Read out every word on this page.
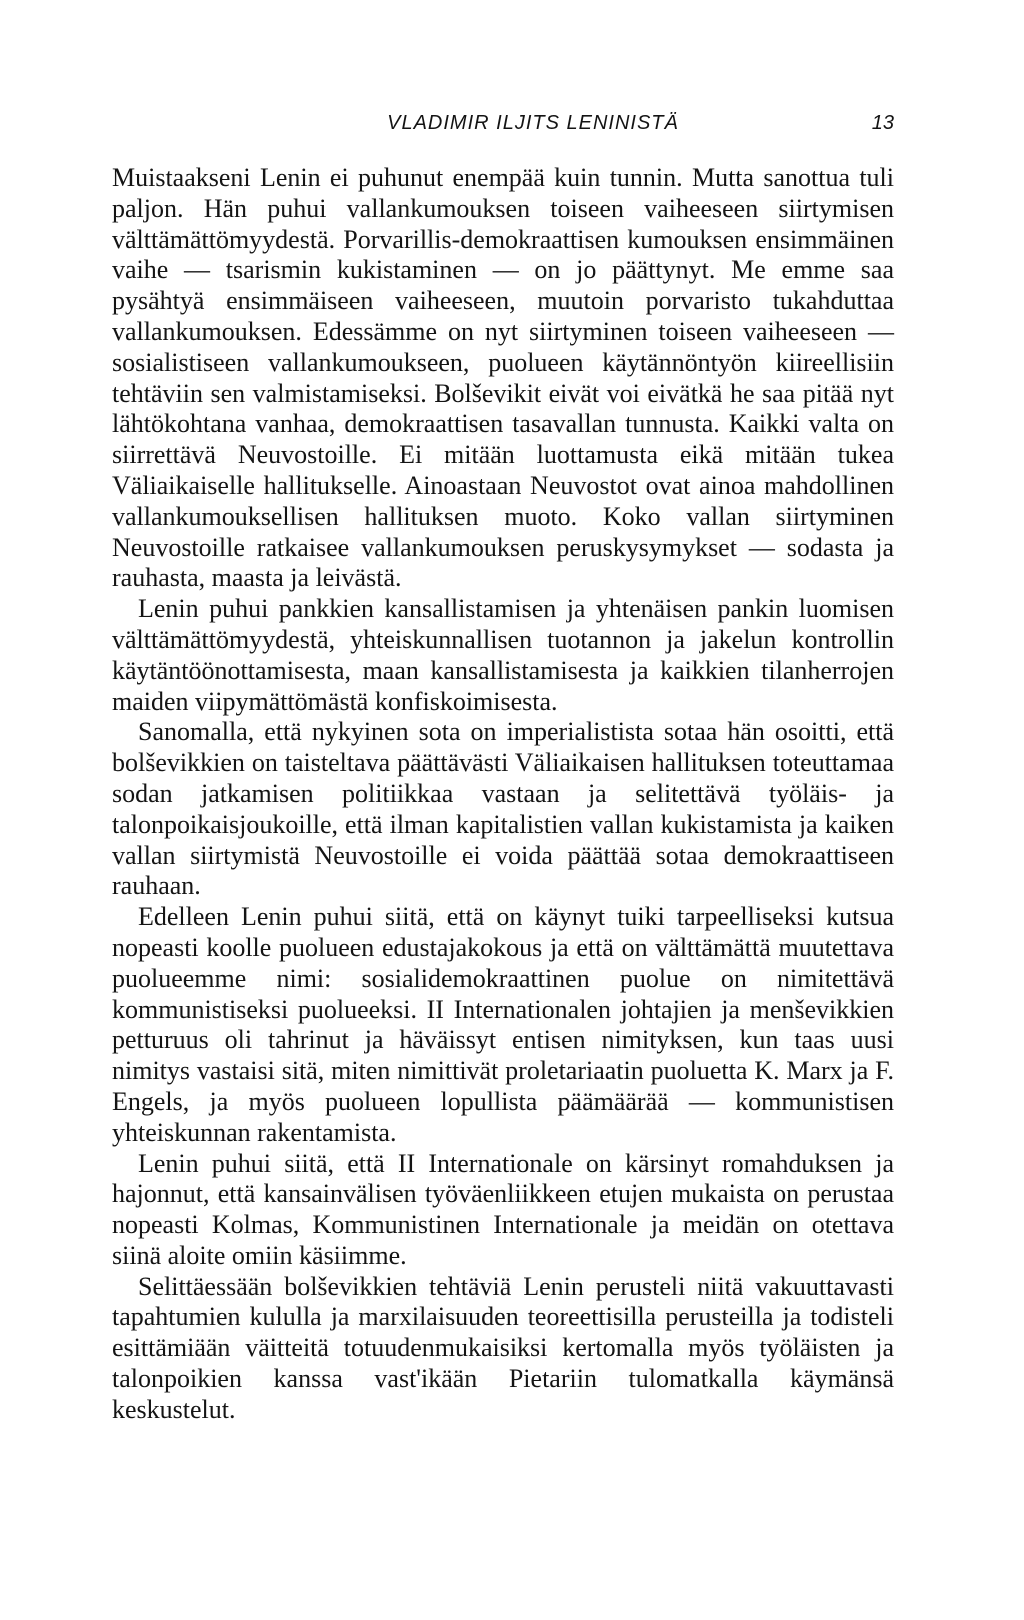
VLADIMIR ILJITS LENINISTÄ	13

Muistaakseni Lenin ei puhunut enempää kuin tunnin. Mutta sanottua tuli paljon. Hän puhui vallankumouksen toiseen vaiheeseen siirtymisen välttämättömyydestä. Porvarillis-demokraattisen kumouksen ensimmäinen vaihe — tsarismin kukistaminen — on jo päättynyt. Me emme saa pysähtyä ensimmäiseen vaiheeseen, muutoin porvaristo tukahduttaa vallankumouksen. Edessämme on nyt siirtyminen toiseen vaiheeseen — sosialistiseen vallankumoukseen, puolueen käytännöntyön kiireellisiin tehtäviin sen valmistamiseksi. Bolševikit eivät voi eivätkä he saa pitää nyt lähtökohtana vanhaa, demokraattisen tasavallan tunnusta. Kaikki valta on siirrettävä Neuvostoille. Ei mitään luottamusta eikä mitään tukea Väliaikaiselle hallitukselle. Ainoastaan Neuvostot ovat ainoa mahdollinen vallankumouksellisen hallituksen muoto. Koko vallan siirtyminen Neuvostoille ratkaisee vallankumouksen peruskysymykset — sodasta ja rauhasta, maasta ja leivästä.

Lenin puhui pankkien kansallistamisen ja yhtenäisen pankin luomisen välttämättömyydestä, yhteiskunnallisen tuotannon ja jakelun kontrollin käytäntöönottamisesta, maan kansallistamisesta ja kaikkien tilanherrojen maiden viipymättömästä konfiskoimisesta.

Sanomalla, että nykyinen sota on imperialistista sotaa hän osoitti, että bolševikkien on taisteltava päättävästi Väliaikaisen hallituksen toteuttamaa sodan jatkamisen politiikkaa vastaan ja selitettävä työläis- ja talonpoikaisjoukoille, että ilman kapitalistien vallan kukistamista ja kaiken vallan siirtymistä Neuvostoille ei voida päättää sotaa demokraattiseen rauhaan.

Edelleen Lenin puhui siitä, että on käynyt tuiki tarpeelliseksi kutsua nopeasti koolle puolueen edustajakokous ja että on välttämättä muutettava puolueemme nimi: sosialidemokraattinen puolue on nimitettävä kommunistiseksi puolueeksi. II Internationalen johtajien ja menševikkien petturuus oli tahrinut ja häväissyt entisen nimityksen, kun taas uusi nimitys vastaisi sitä, miten nimittivät proletariaatin puoluetta K. Marx ja F. Engels, ja myös puolueen lopullista päämäärää — kommunistisen yhteiskunnan rakentamista.

Lenin puhui siitä, että II Internationale on kärsinyt romahduksen ja hajonnut, että kansainvälisen työväenliikkeen etujen mukaista on perustaa nopeasti Kolmas, Kommunistinen Internationale ja meidän on otettava siinä aloite omiin käsiimme.

Selittäessään bolševikkien tehtäviä Lenin perusteli niitä vakuuttavasti tapahtumien kululla ja marxilaisuuden teoreettisilla perusteilla ja todisteli esittämiään väitteitä totuudenmukaisiksi kertomalla myös työläisten ja talonpoikien kanssa vast'ikään Pietariin tulomatkalla käymänsä keskustelut.
